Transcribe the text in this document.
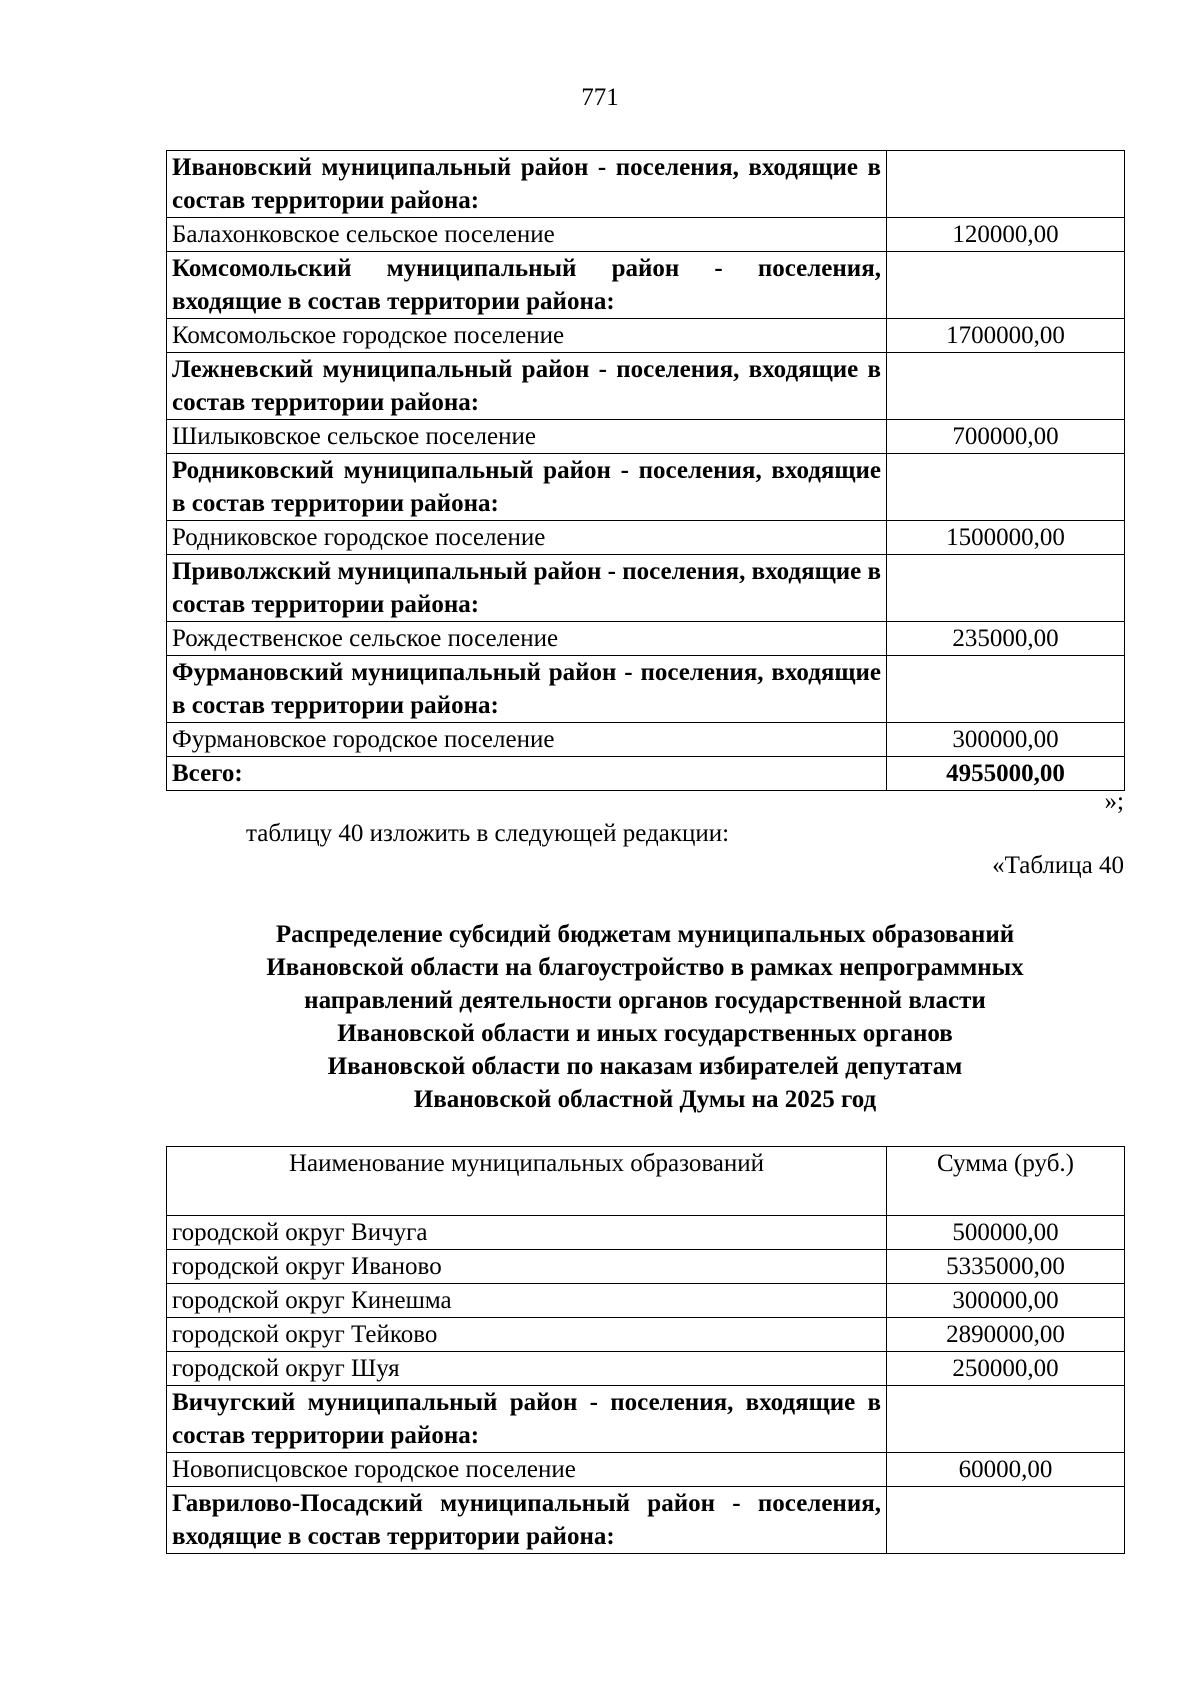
771
Ивановский муниципальный район - поселения, входящие в состав территории района:	
Балахонковское сельское поселение	120000,00
Комсомольский муниципальный район - поселения, входящие в состав территории района:	
Комсомольское городское поселение	1700000,00
Лежневский муниципальный район - поселения, входящие в состав территории района:	
Шилыковское сельское поселение	700000,00
Родниковский муниципальный район - поселения, входящие в состав территории района:	
Родниковское городское поселение	1500000,00
Приволжский муниципальный район - поселения, входящие в состав территории района:	
Рождественское сельское поселение	235000,00
Фурмановский муниципальный район - поселения, входящие в состав территории района:	
Фурмановское городское поселение	300000,00
Всего:	4955000,00
»;
таблицу 40 изложить в следующей редакции:
«Таблица 40
Распределение субсидий бюджетам муниципальных образований
Ивановской области на благоустройство в рамках непрограммных
направлений деятельности органов государственной власти
Ивановской области и иных государственных органов
Ивановской области по наказам избирателей депутатам
Ивановской областной Думы на 2025 год
Наименование муниципальных образований	Сумма (руб.)
городской округ Вичуга	500000,00
городской округ Иваново	5335000,00
городской округ Кинешма	300000,00
городской округ Тейково	2890000,00
городской округ Шуя	250000,00
Вичугский муниципальный район - поселения, входящие в состав территории района:	
Новописцовское городское поселение	60000,00
Гаврилово-Посадский муниципальный район - поселения, входящие в состав территории района:	
